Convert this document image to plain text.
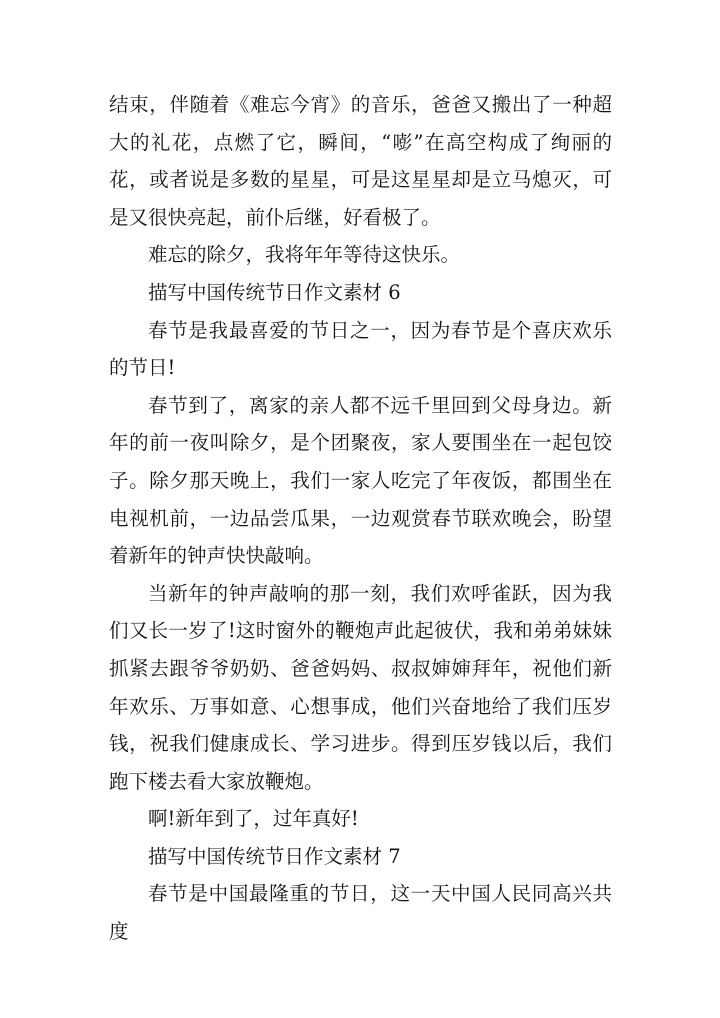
结束，伴随着《难忘今宵》的音乐，爸爸又搬出了一种超大的礼花，点燃了它，瞬间，“嘭”在高空构成了绚丽的花，或者说是多数的星星，可是这星星却是立马熄灭，可是又很快亮起，前仆后继，好看极了。

难忘的除夕，我将年年等待这快乐。

描写中国传统节日作文素材 6

春节是我最喜爱的节日之一，因为春节是个喜庆欢乐的节日!

春节到了，离家的亲人都不远千里回到父母身边。新年的前一夜叫除夕，是个团聚夜，家人要围坐在一起包饺子。除夕那天晚上，我们一家人吃完了年夜饭，都围坐在电视机前，一边品尝瓜果，一边观赏春节联欢晚会，盼望着新年的钟声快快敲响。

当新年的钟声敲响的那一刻，我们欢呼雀跃，因为我们又长一岁了!这时窗外的鞭炮声此起彼伏，我和弟弟妹妹抓紧去跟爷爷奶奶、爸爸妈妈、叔叔婶婶拜年，祝他们新年欢乐、万事如意、心想事成，他们兴奋地给了我们压岁钱，祝我们健康成长、学习进步。得到压岁钱以后，我们跑下楼去看大家放鞭炮。

啊!新年到了，过年真好!

描写中国传统节日作文素材 7

春节是中国最隆重的节日，这一天中国人民同高兴共度
